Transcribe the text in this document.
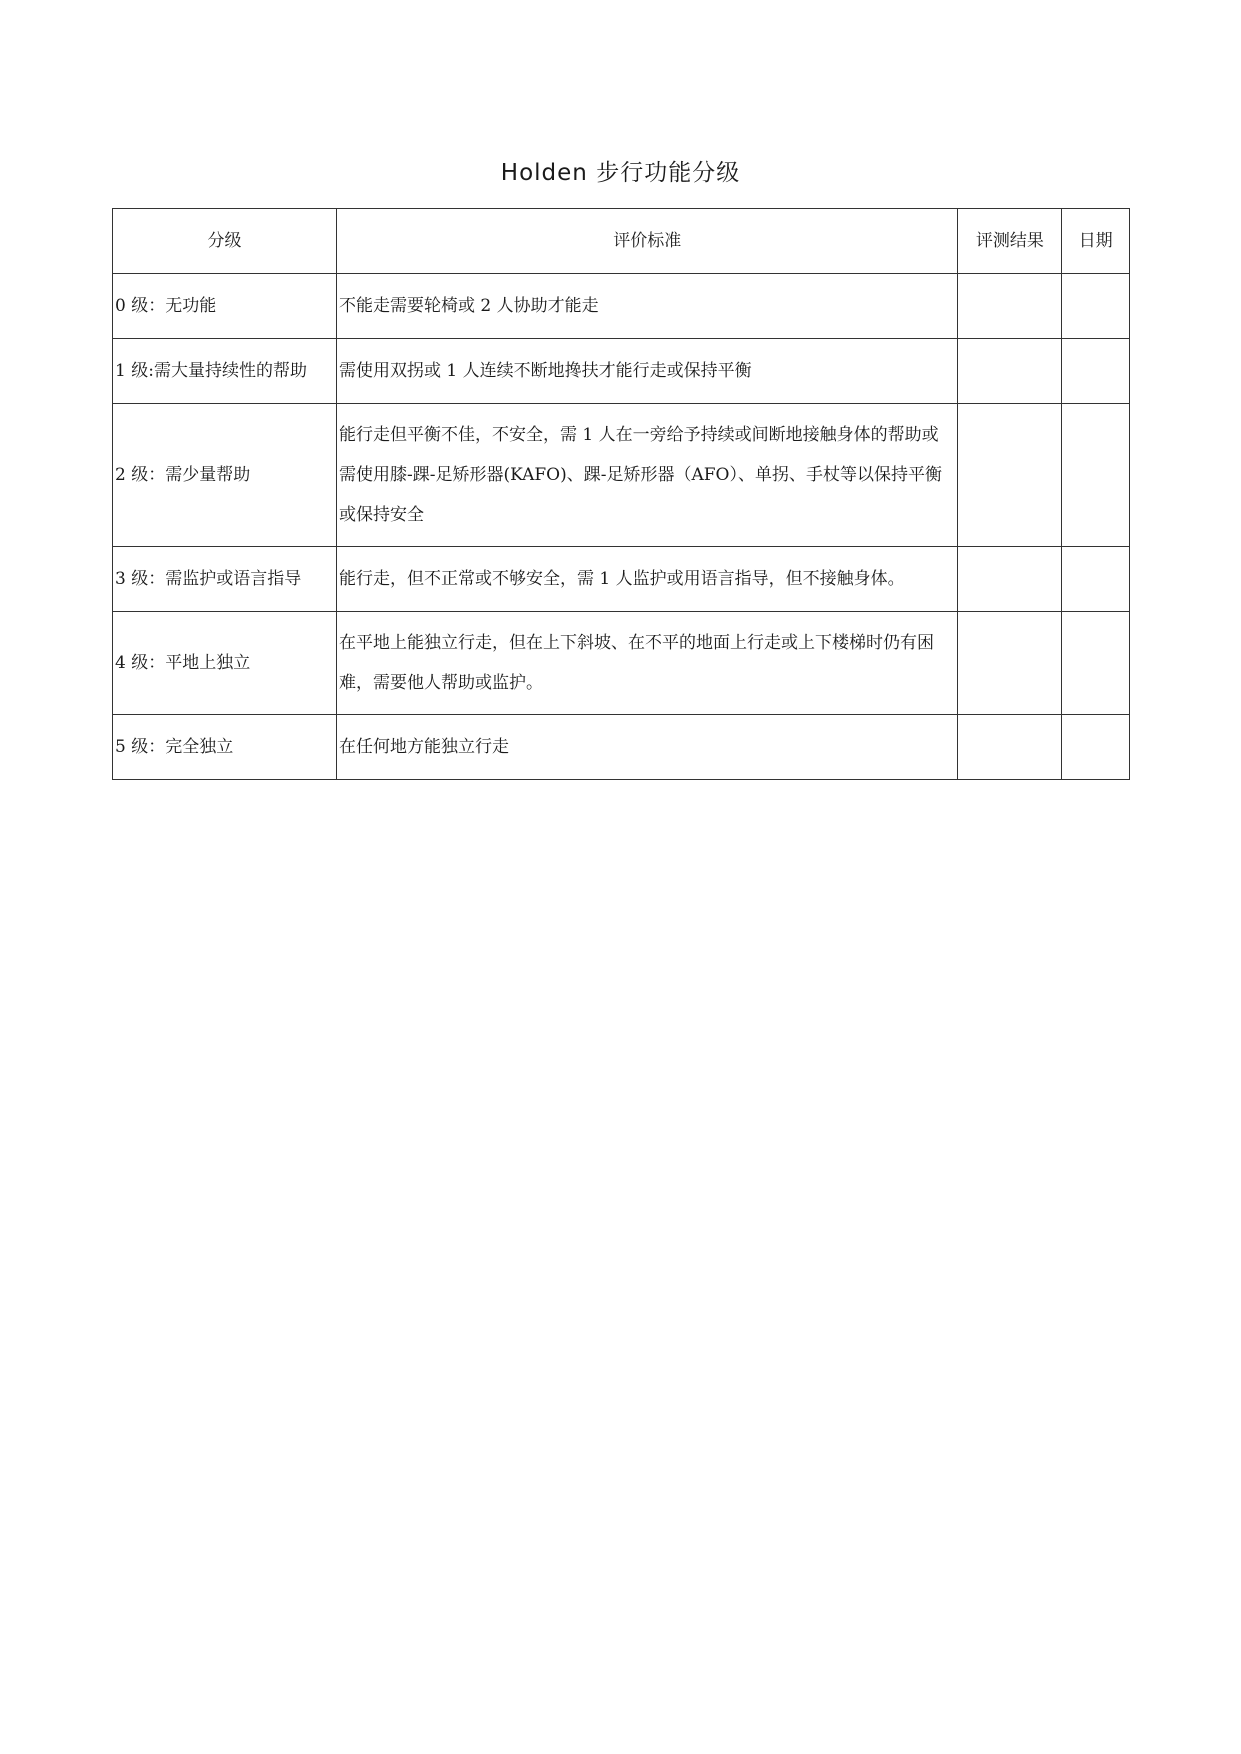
Holden 步行功能分级
分级	评价标准	评测结果	日期
0 级：无功能	不能走需要轮椅或 2 人协助才能走		
1 级:需大量持续性的帮助	需使用双拐或 1 人连续不断地搀扶才能行走或保持平衡		
2 级：需少量帮助	能行走但平衡不佳，不安全，需 1 人在一旁给予持续或间断地接触身体的帮助或需使用膝-踝-足矫形器(KAFO)、踝-足矫形器（AFO）、单拐、手杖等以保持平衡或保持安全		
3 级：需监护或语言指导	能行走，但不正常或不够安全，需 1 人监护或用语言指导，但不接触身体。		
4 级：平地上独立	在平地上能独立行走，但在上下斜坡、在不平的地面上行走或上下楼梯时仍有困难，需要他人帮助或监护。		
5 级：完全独立	在任何地方能独立行走		
